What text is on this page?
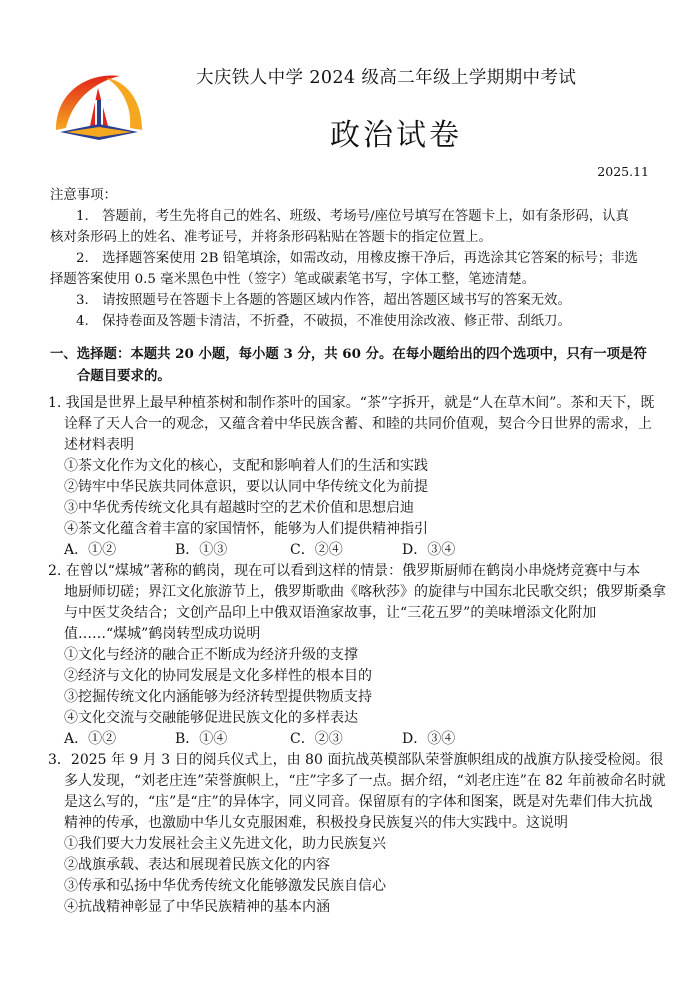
大庆铁人中学 2024 级高二年级上学期期中考试
政治试卷
2025.11
注意事项：
1.　答题前，考生先将自己的姓名、班级、考场号/座位号填写在答题卡上，如有条形码，认真
核对条形码上的姓名、准考证号，并将条形码粘贴在答题卡的指定位置上。
2.　选择题答案使用 2B 铅笔填涂，如需改动，用橡皮擦干净后，再选涂其它答案的标号；非选
择题答案使用 0.5 毫米黑色中性（签字）笔或碳素笔书写，字体工整，笔迹清楚。
3.　请按照题号在答题卡上各题的答题区域内作答，超出答题区域书写的答案无效。
4.　保持卷面及答题卡清洁，不折叠，不破损，不准使用涂改液、修正带、刮纸刀。
一、选择题：本题共 20 小题，每小题 3 分，共 60 分。在每小题给出的四个选项中，只有一项是符
合题目要求的。
1. 我国是世界上最早种植茶树和制作茶叶的国家。“茶”字拆开，就是“人在草木间”。茶和天下，既
诠释了天人合一的观念，又蕴含着中华民族含蓄、和睦的共同价值观，契合今日世界的需求，上
述材料表明
①茶文化作为文化的核心，支配和影响着人们的生活和实践
②铸牢中华民族共同体意识，要以认同中华传统文化为前提
③中华优秀传统文化具有超越时空的艺术价值和思想启迪
④茶文化蕴含着丰富的家国情怀，能够为人们提供精神指引
A．①②	B．①③	C．②④	D．③④
2. 在曾以“煤城”著称的鹤岗，现在可以看到这样的情景：俄罗斯厨师在鹤岗小串烧烤竞赛中与本
地厨师切磋；界江文化旅游节上，俄罗斯歌曲《喀秋莎》的旋律与中国东北民歌交织；俄罗斯桑拿
与中医艾灸结合；文创产品印上中俄双语渔家故事，让“三花五罗”的美味增添文化附加
值……“煤城”鹤岗转型成功说明
①文化与经济的融合正不断成为经济升级的支撑
②经济与文化的协同发展是文化多样性的根本目的
③挖掘传统文化内涵能够为经济转型提供物质支持
④文化交流与交融能够促进民族文化的多样表达
A．①②	B．①④	C．②③	D．③④
3．2025 年 9 月 3 日的阅兵仪式上，由 80 面抗战英模部队荣誉旗帜组成的战旗方队接受检阅。很
多人发现，“刘老庄连”荣誉旗帜上，“庄”字多了一点。据介绍，“刘老庄连”在 82 年前被命名时就
是这么写的，“庒”是“庄”的异体字，同义同音。保留原有的字体和图案，既是对先辈们伟大抗战
精神的传承，也激励中华儿女克服困难，积极投身民族复兴的伟大实践中。这说明
①我们要大力发展社会主义先进文化，助力民族复兴
②战旗承载、表达和展现着民族文化的内容
③传承和弘扬中华优秀传统文化能够激发民族自信心
④抗战精神彰显了中华民族精神的基本内涵
